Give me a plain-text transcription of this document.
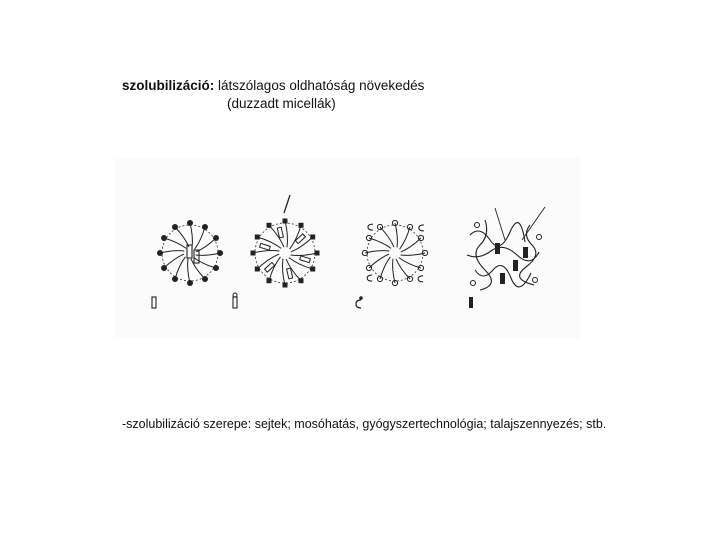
szolubilizáció: látszólagos oldhatóság növekedés
(duzzadt micellák)
-szolubilizáció szerepe: sejtek; mosóhatás, gyógyszertechnológia; talajszennyezés; stb.
